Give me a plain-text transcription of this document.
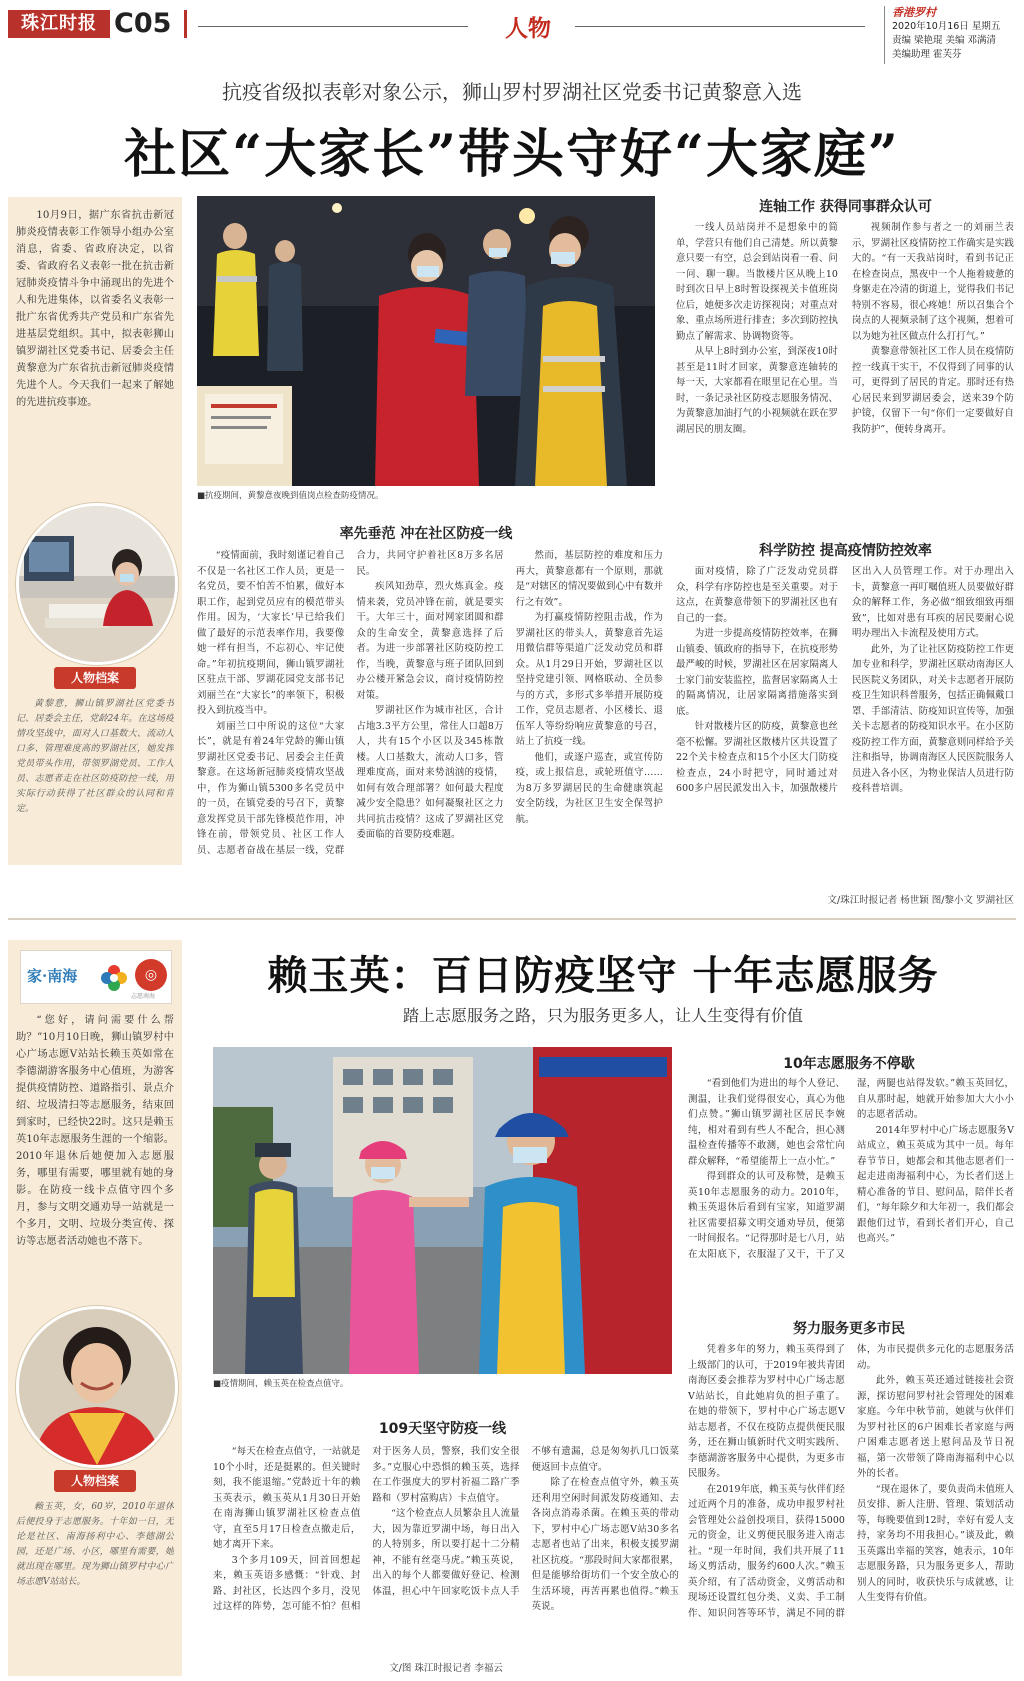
珠江时报 C05	人物
香港罗村
2020年10月16日 星期五
责编 梁艳琨 美编 邓满清
美编助理 霍芙芬
抗疫省级拟表彰对象公示，狮山罗村罗湖社区党委书记黄黎意入选
社区“大家长”带头守好“大家庭”

10月9日，据广东省抗击新冠肺炎疫情表彰工作领导小组办公室消息，省委、省政府决定，以省委、省政府名义表彰一批在抗击新冠肺炎疫情斗争中涌现出的先进个人和先进集体，以省委名义表彰一批广东省优秀共产党员和广东省先进基层党组织。其中，拟表彰狮山镇罗湖社区党委书记、居委会主任黄黎意为广东省抗击新冠肺炎疫情先进个人。今天我们一起来了解她的先进抗疫事迹。

人物档案

黄黎意，狮山镇罗湖社区党委书记、居委会主任，党龄24年。在这场疫情攻坚战中，面对人口基数大、流动人口多、管理难度高的罗湖社区，她发挥党员带头作用，带领罗湖党员、工作人员、志愿者走在社区防疫防控一线，用实际行动获得了社区群众的认同和肯定。

■抗疫期间，黄黎意夜晚到值岗点检查防疫情况。
连轴工作 获得同事群众认可

一线人员站岗并不是想象中的简单，学营只有他们自己清楚。所以黄黎意只要一有空，总会到站岗看一看、问一问、聊一聊。当散楼片区从晚上10时到次日早上8时暂设探视关卡值班岗位后，她便多次走访探视岗；对重点对象、重点场所进行排查；多次到防控执勤点了解需求、协调物资等。

从早上8时到办公室，到深夜10时甚至是11时才回家，黄黎意连轴转的每一天，大家都看在眼里记在心里。当时，一条记录社区防疫志愿服务情况、为黄黎意加油打气的小视频就在跃在罗湖居民的朋友圈。

视频制作参与者之一的刘丽兰表示，罗湖社区疫情防控工作确实是实践大的。“有一天我站岗时，看到书记正在检查岗点，黑夜中一个人拖着疲惫的身躯走在冷清的街道上，觉得我们书记特别不容易，很心疼她！所以召集合个岗点的人视频录制了这个视频，想着可以为她为社区做点什么打打气。”

黄黎意带领社区工作人员在疫情防控一线真干实干，不仅得到了同事的认可，更得到了居民的肯定。那时还有热心居民来到罗湖居委会，送来39个防护镜，仅留下一句“你们一定要做好自我防护”，便转身离开。

率先垂范 冲在社区防疫一线

“疫情面前，我时刻谨记着自己不仅是一名社区工作人员，更是一名党员，要不怕苦不怕累，做好本职工作，起到党员应有的模范带头作用。因为，‘大家长’早已给我们做了最好的示范表率作用，我要像她一样有担当，不忘初心、牢记使命。”年初抗疫期间，狮山镇罗湖社区驻点干部、罗湖花园党支部书记刘丽兰在“大家长”的率领下，积极投入到抗疫当中。

刘丽兰口中所说的这位“大家长”，就是有着24年党龄的狮山镇罗湖社区党委书记、居委会主任黄黎意。在这场新冠肺炎疫情攻坚战中，作为狮山镇5300多名党员中的一员，在镇党委的号召下，黄黎意发挥党员干部先锋模范作用，冲锋在前，带领党员、社区工作人员、志愿者奋战在基层一线，党群合力，共同守护着社区8万多名居民。

疾风知劲草，烈火炼真金。疫情来袭，党员冲锋在前，就是要实干。大年三十，面对网家团圆和群众的生命安全，黄黎意选择了后者。为进一步部署社区防疫防控工作，当晚，黄黎意与班子团队回到办公楼开紧急会议，商讨疫情防控对策。

罗湖社区作为城市社区，合计占地3.3平方公里，常住人口超8万人，共有15个小区以及345栋散楼。人口基数大，流动人口多，管理难度高，面对来势汹汹的疫情，如何有效合理部署？如何最大程度减少安全隐患？如何凝聚社区之力共同抗击疫情？这成了罗湖社区党委面临的首要防疫难题。

然而，基层防控的难度和压力再大，黄黎意都有一个原则，那就是“对辖区的情况要做到心中有数并行之有效”。

为打赢疫情防控阻击战，作为罗湖社区的带头人，黄黎意首先运用微信群等渠道广泛发动党员和群众。从1月29日开始，罗湖社区以坚持党建引领、网格联动、全员参与的方式，多形式多举措开展防疫工作，党员志愿者、小区楼长、退伍军人等纷纷响应黄黎意的号召，站上了抗疫一线。

他们，或逐户巡查，或宣传防疫，或上报信息，或轮班值守……为8万多罗湖居民的生命健康筑起安全防线，为社区卫生安全保驾护航。

科学防控 提高疫情防控效率

面对疫情，除了广泛发动党员群众，科学有序防控也是至关重要。对于这点，在黄黎意带领下的罗湖社区也有自己的一套。

为进一步提高疫情防控效率，在狮山镇委、镇政府的指导下，在抗疫形势最严峻的时候，罗湖社区在居家隔离人士家门前安装监控，监督居家隔离人士的隔离情况，让居家隔离措施落实到底。

针对散楼片区的防疫，黄黎意也丝毫不松懈。罗湖社区散楼片区共设置了22个关卡检查点和15个小区大门防疫检查点，24小时把守，同时通过对600多户居民派发出入卡，加强散楼片区出入人员管理工作。对于办理出入卡，黄黎意一再叮嘱值班人员要做好群众的解释工作，务必做“细致细致再细致”，比如对患有耳疾的居民要耐心说明办理出入卡流程及使用方式。

此外，为了让社区防疫防控工作更加专业和科学，罗湖社区联动南海区人民医院义务团队，对关卡志愿者开展防疫卫生知识科普服务，包括正确佩戴口罩、手部清洁、防疫知识宣传等，加强关卡志愿者的防疫知识水平。在小区防疫防控工作方面，黄黎意则同样给予关注和指导，协调南海区人民医院服务人员进入各小区，为物业保洁人员进行防疫科普培训。

文/珠江时报记者 杨世颖 图/黎小文 罗湖社区
家·南海	◎
志愿南海

“您好，请问需要什么帮助？”10月10日晚，狮山镇罗村中心广场志愿V站站长赖玉英如常在李德湖游客服务中心值班，为游客提供疫情防控、道路指引、景点介绍、垃圾清扫等志愿服务，结束回到家时，已经快22时。这只是赖玉英10年志愿服务生涯的一个缩影。2010年退休后她便加入志愿服务，哪里有需要，哪里就有她的身影。在防疫一线卡点值守四个多月，参与文明交通劝导一站就是一个多月，文明、垃圾分类宣传、探访等志愿者活动她也不落下。

人物档案

赖玉英，女，60岁，2010年退休后便投身于志愿服务。十年如一日，无论是社区、南海扬利中心、李德湖公园，还是广场、小区，哪里有需要，她就出现在哪里。现为狮山镇罗村中心广场志愿V站站长。

赖玉英：百日防疫坚守 十年志愿服务
踏上志愿服务之路，只为服务更多人，让人生变得有价值
■疫情期间，赖玉英在检查点值守。
10年志愿服务不停歇

“看到他们为进出的每个人登记、测温，让我们觉得很安心，真心为他们点赞。”狮山镇罗湖社区居民李婉纯，相对看到有些人不配合，担心测温检查传播等不敢测，她也会常忙向群众解释，“希望能帮上一点小忙。”

得到群众的认可及称赞，是赖玉英10年志愿服务的动力。2010年，赖玉英退休后看到有宝家，知道罗湖社区需要招募文明交通劝导员，便第一时间报名。“记得那时是七八月，站在太阳底下，衣服湿了又干，干了又湿，两腿也站得发软。”赖玉英回忆，自从那时起，她就开始参加大大小小的志愿者活动。

2014年罗村中心广场志愿服务V站成立，赖玉英成为其中一员。每年春节节日，她都会和其他志愿者们一起走进南海福利中心，为长者们送上精心准备的节目、慰问品，陪伴长者们，“每年除夕和大年初一，我们都会跟他们过节，看到长者们开心，自己也高兴。”

努力服务更多市民

凭着多年的努力，赖玉英得到了上级部门的认可，于2019年被共青团南海区委会推荐为罗村中心广场志愿V站站长，自此她肩负的担子重了。在她的带领下，罗村中心广场志愿V站志愿者，不仅在疫防点提供便民服务，还在狮山镇新时代文明实践所、李德湖游客服务中心提供，为更多市民服务。

在2019年底，赖玉英与伙伴们经过近两个月的准备，成功申报罗村社会管理处公益创投项目，获得15000元的资金，让义剪便民服务进入南志社。“现一年时间，我们共开展了11场义剪活动，服务约600人次。”赖玉英介绍，有了活动资金，义剪活动和现场还设置红包分类、义卖、手工制作、知识问答等环节，满足不同的群体，为市民提供多元化的志愿服务活动。

此外，赖玉英还通过链接社会资源，探访慰问罗村社会管理处的困难家庭。今年中秋节前，她就与伙伴们为罗村社区的6户困难长者家庭与两户困难志愿者送上慰问品及节日祝福，第一次带领了降南海福利中心以外的长者。

“现在退休了，要负责尚未值班人员安排、新人注册、管理、策划活动等，每晚要值到12时，幸好有爱人支持，家务均不用我担心。”谈及此，赖玉英露出幸福的笑容，她表示，10年志愿服务路，只为服务更多人，帮助别人的同时，收获快乐与成就感，让人生变得有价值。

109天坚守防疫一线

“每天在检查点值守，一站就是10个小时，还是挺累的。但关键时刻，我不能退缩。”党龄近十年的赖玉英表示，赖玉英从1月30日开始在南海狮山镇罗湖社区检查点值守，直至5月17日检查点撤走后，她才离开下来。

3个多月109天，回首回想起来，赖玉英语多感慨：“针戏、封路、封社区，长达四个多月，没见过这样的阵势，怎可能不怕？但相对于医务人员，警察，我们安全很多。”克服心中恐惧的赖玉英，选择在工作强度大的罗村祈福二路广季路和（罗村富购店）卡点值守。

“这个检查点人员繁杂且人流量大，因为靠近罗湖中场，每日出入的人特别多，所以要打起十二分精神，不能有丝毫马虎。”赖玉英说，出入的每个人都要做好登记、检测体温，担心中午回家吃饭卡点人手不够有遗漏，总是匆匆扒几口饭菜便返回卡点值守。

除了在检查点值守外，赖玉英还利用空闲时间派发防疫通知、去各岗点消毒杀菌。在赖玉英的带动下，罗村中心广场志愿V站30多名志愿者也站了出来，积极支援罗湖社区抗疫。“那段时间大家都很累，但是能够给街坊们一个安全放心的生活环境，再苦再累也值得。”赖玉英说。

文/图 珠江时报记者 李福云
